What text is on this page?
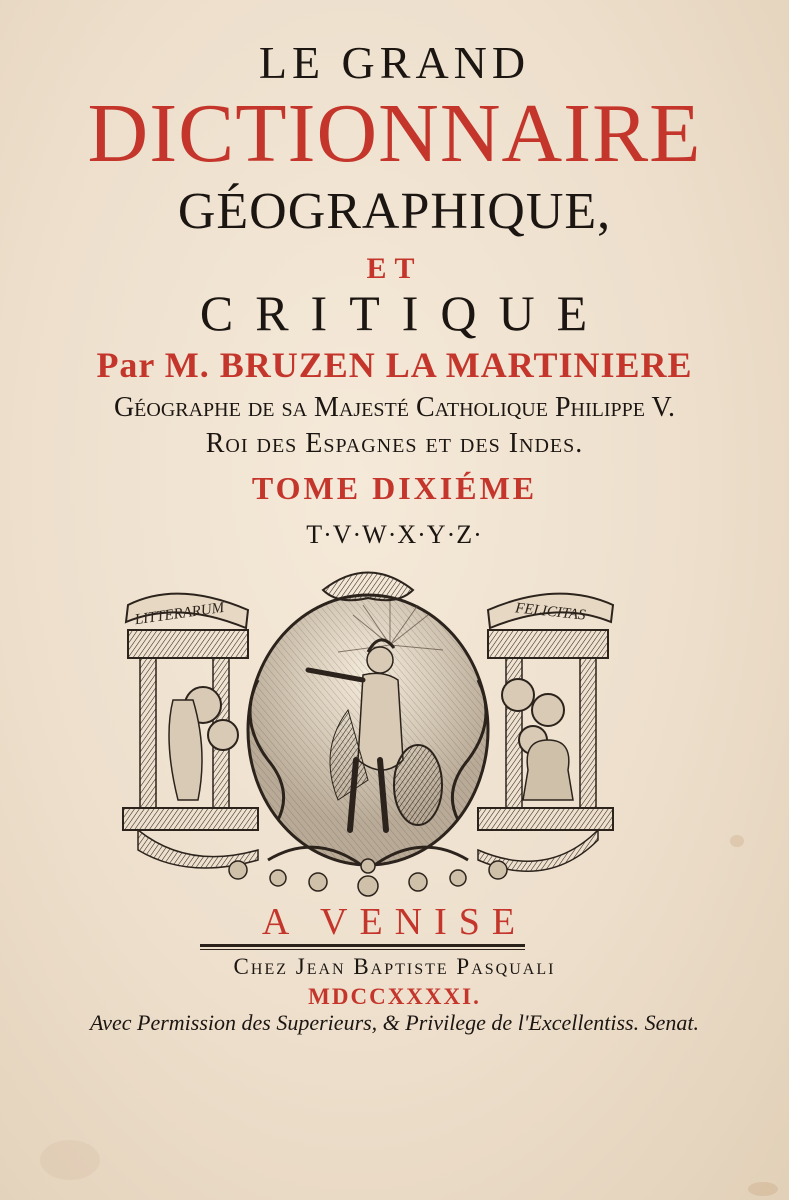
LE GRAND
DICTIONNAIRE
GÉOGRAPHIQUE,
ET
CRITIQUE
Par M. BRUZEN LA MARTINIERE
Géographe de sa Majesté Catholique Philippe V.
Roi des Espagnes et des Indes.
TOME DIXIÉME
T·V·W·X·Y·Z·
LITTERARUM	FELICITAS
A VENISE
Chez Jean Baptiste Pasquali
MDCCXXXXI.
Avec Permission des Superieurs, & Privilege de l'Excellentiss. Senat.
